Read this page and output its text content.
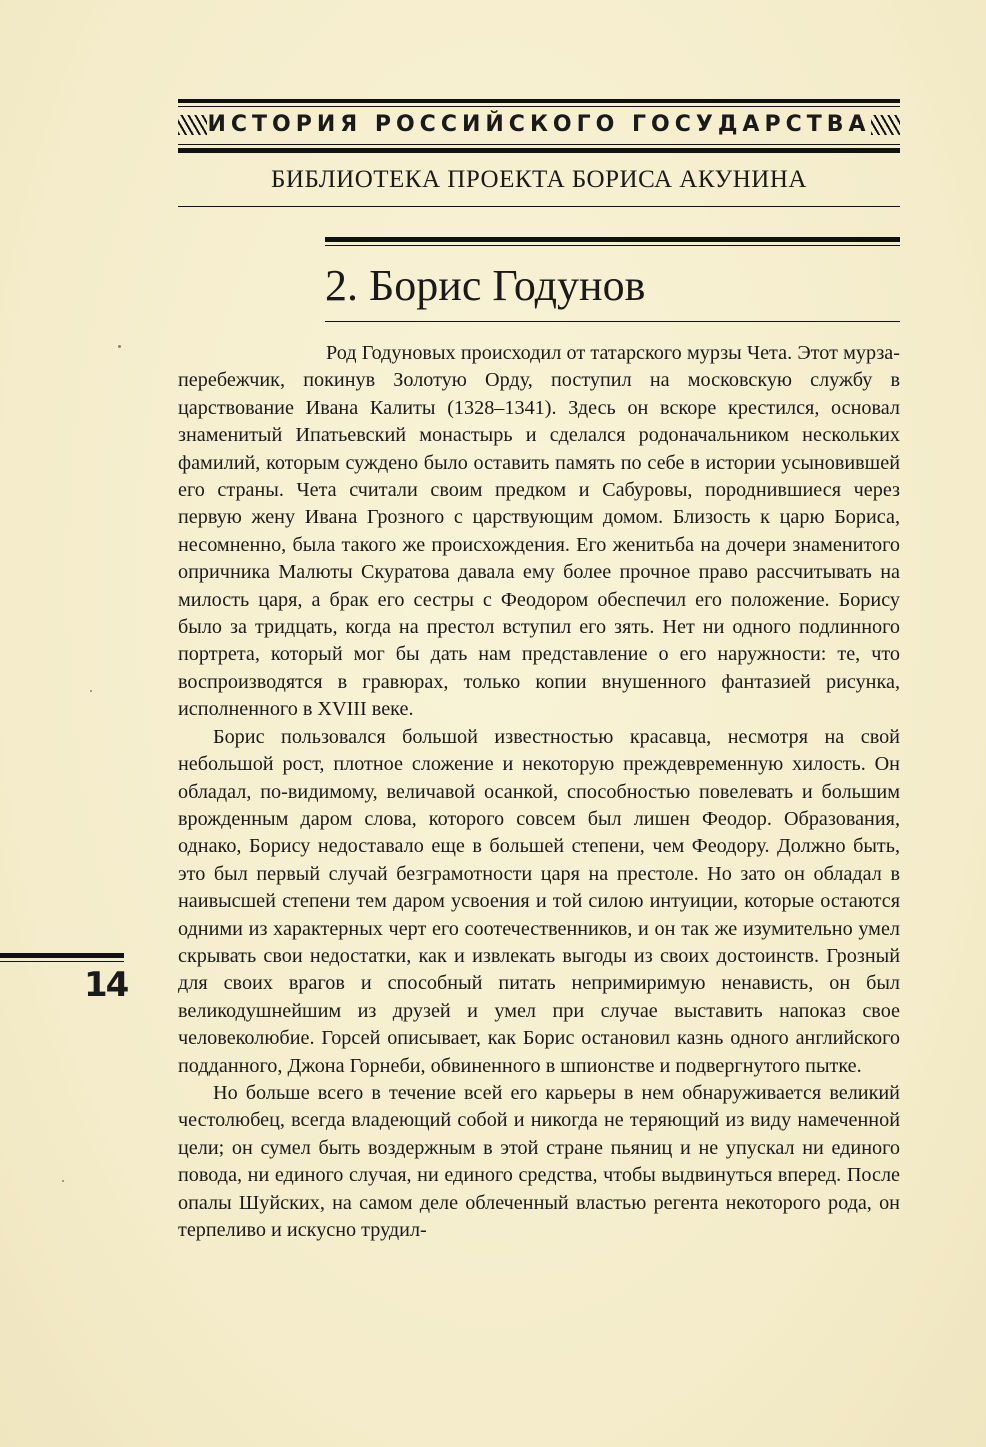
ИСТОРИЯ РОССИЙСКОГО ГОСУДАРСТВА
БИБЛИОТЕКА ПРОЕКТА БОРИСА АКУНИНА
2. Борис Годунов

Род Годуновых происходил от татарского мурзы Чета. Этот мурза-перебежчик, покинув Золотую Орду, поступил на московскую службу в царствование Ивана Калиты (1328–1341). Здесь он вскоре крестился, основал знаменитый Ипатьевский монастырь и сделался родоначальником нескольких фамилий, которым суждено было оставить память по себе в истории усыновившей его страны. Чета считали своим предком и Сабуровы, породнившиеся через первую жену Ивана Грозного с царствующим домом. Близость к царю Бориса, несомненно, была такого же происхождения. Его женитьба на дочери знаменитого опричника Малюты Скуратова давала ему более прочное право рассчитывать на милость царя, а брак его сестры с Феодором обеспечил его положение. Борису было за тридцать, когда на престол вступил его зять. Нет ни одного подлинного портрета, который мог бы дать нам представление о его наружности: те, что воспроизводятся в гравюрах, только копии внушенного фантазией рисунка, исполненного в XVIII веке.

Борис пользовался большой известностью красавца, несмотря на свой небольшой рост, плотное сложение и некоторую преждевременную хилость. Он обладал, по-видимому, величавой осанкой, способностью повелевать и большим врожденным даром слова, которого совсем был лишен Феодор. Образования, однако, Борису недоставало еще в большей степени, чем Феодору. Должно быть, это был первый случай безграмотности царя на престоле. Но зато он обладал в наивысшей степени тем даром усвоения и той силою интуиции, которые остаются одними из характерных черт его соотечественников, и он так же изумительно умел скрывать свои недостатки, как и извлекать выгоды из своих достоинств. Грозный для своих врагов и способный питать непримиримую ненависть, он был великодушнейшим из друзей и умел при случае выставить напоказ свое человеколюбие. Горсей описывает, как Борис остановил казнь одного английского подданного, Джона Горнеби, обвиненного в шпионстве и подвергнутого пытке.

Но больше всего в течение всей его карьеры в нем обнаруживается великий честолюбец, всегда владеющий собой и никогда не теряющий из виду намеченной цели; он сумел быть воздержным в этой стране пьяниц и не упускал ни единого повода, ни единого случая, ни единого средства, чтобы выдвинуться вперед. После опалы Шуйских, на самом деле облеченный властью регента некоторого рода, он терпеливо и искусно трудил-

14
